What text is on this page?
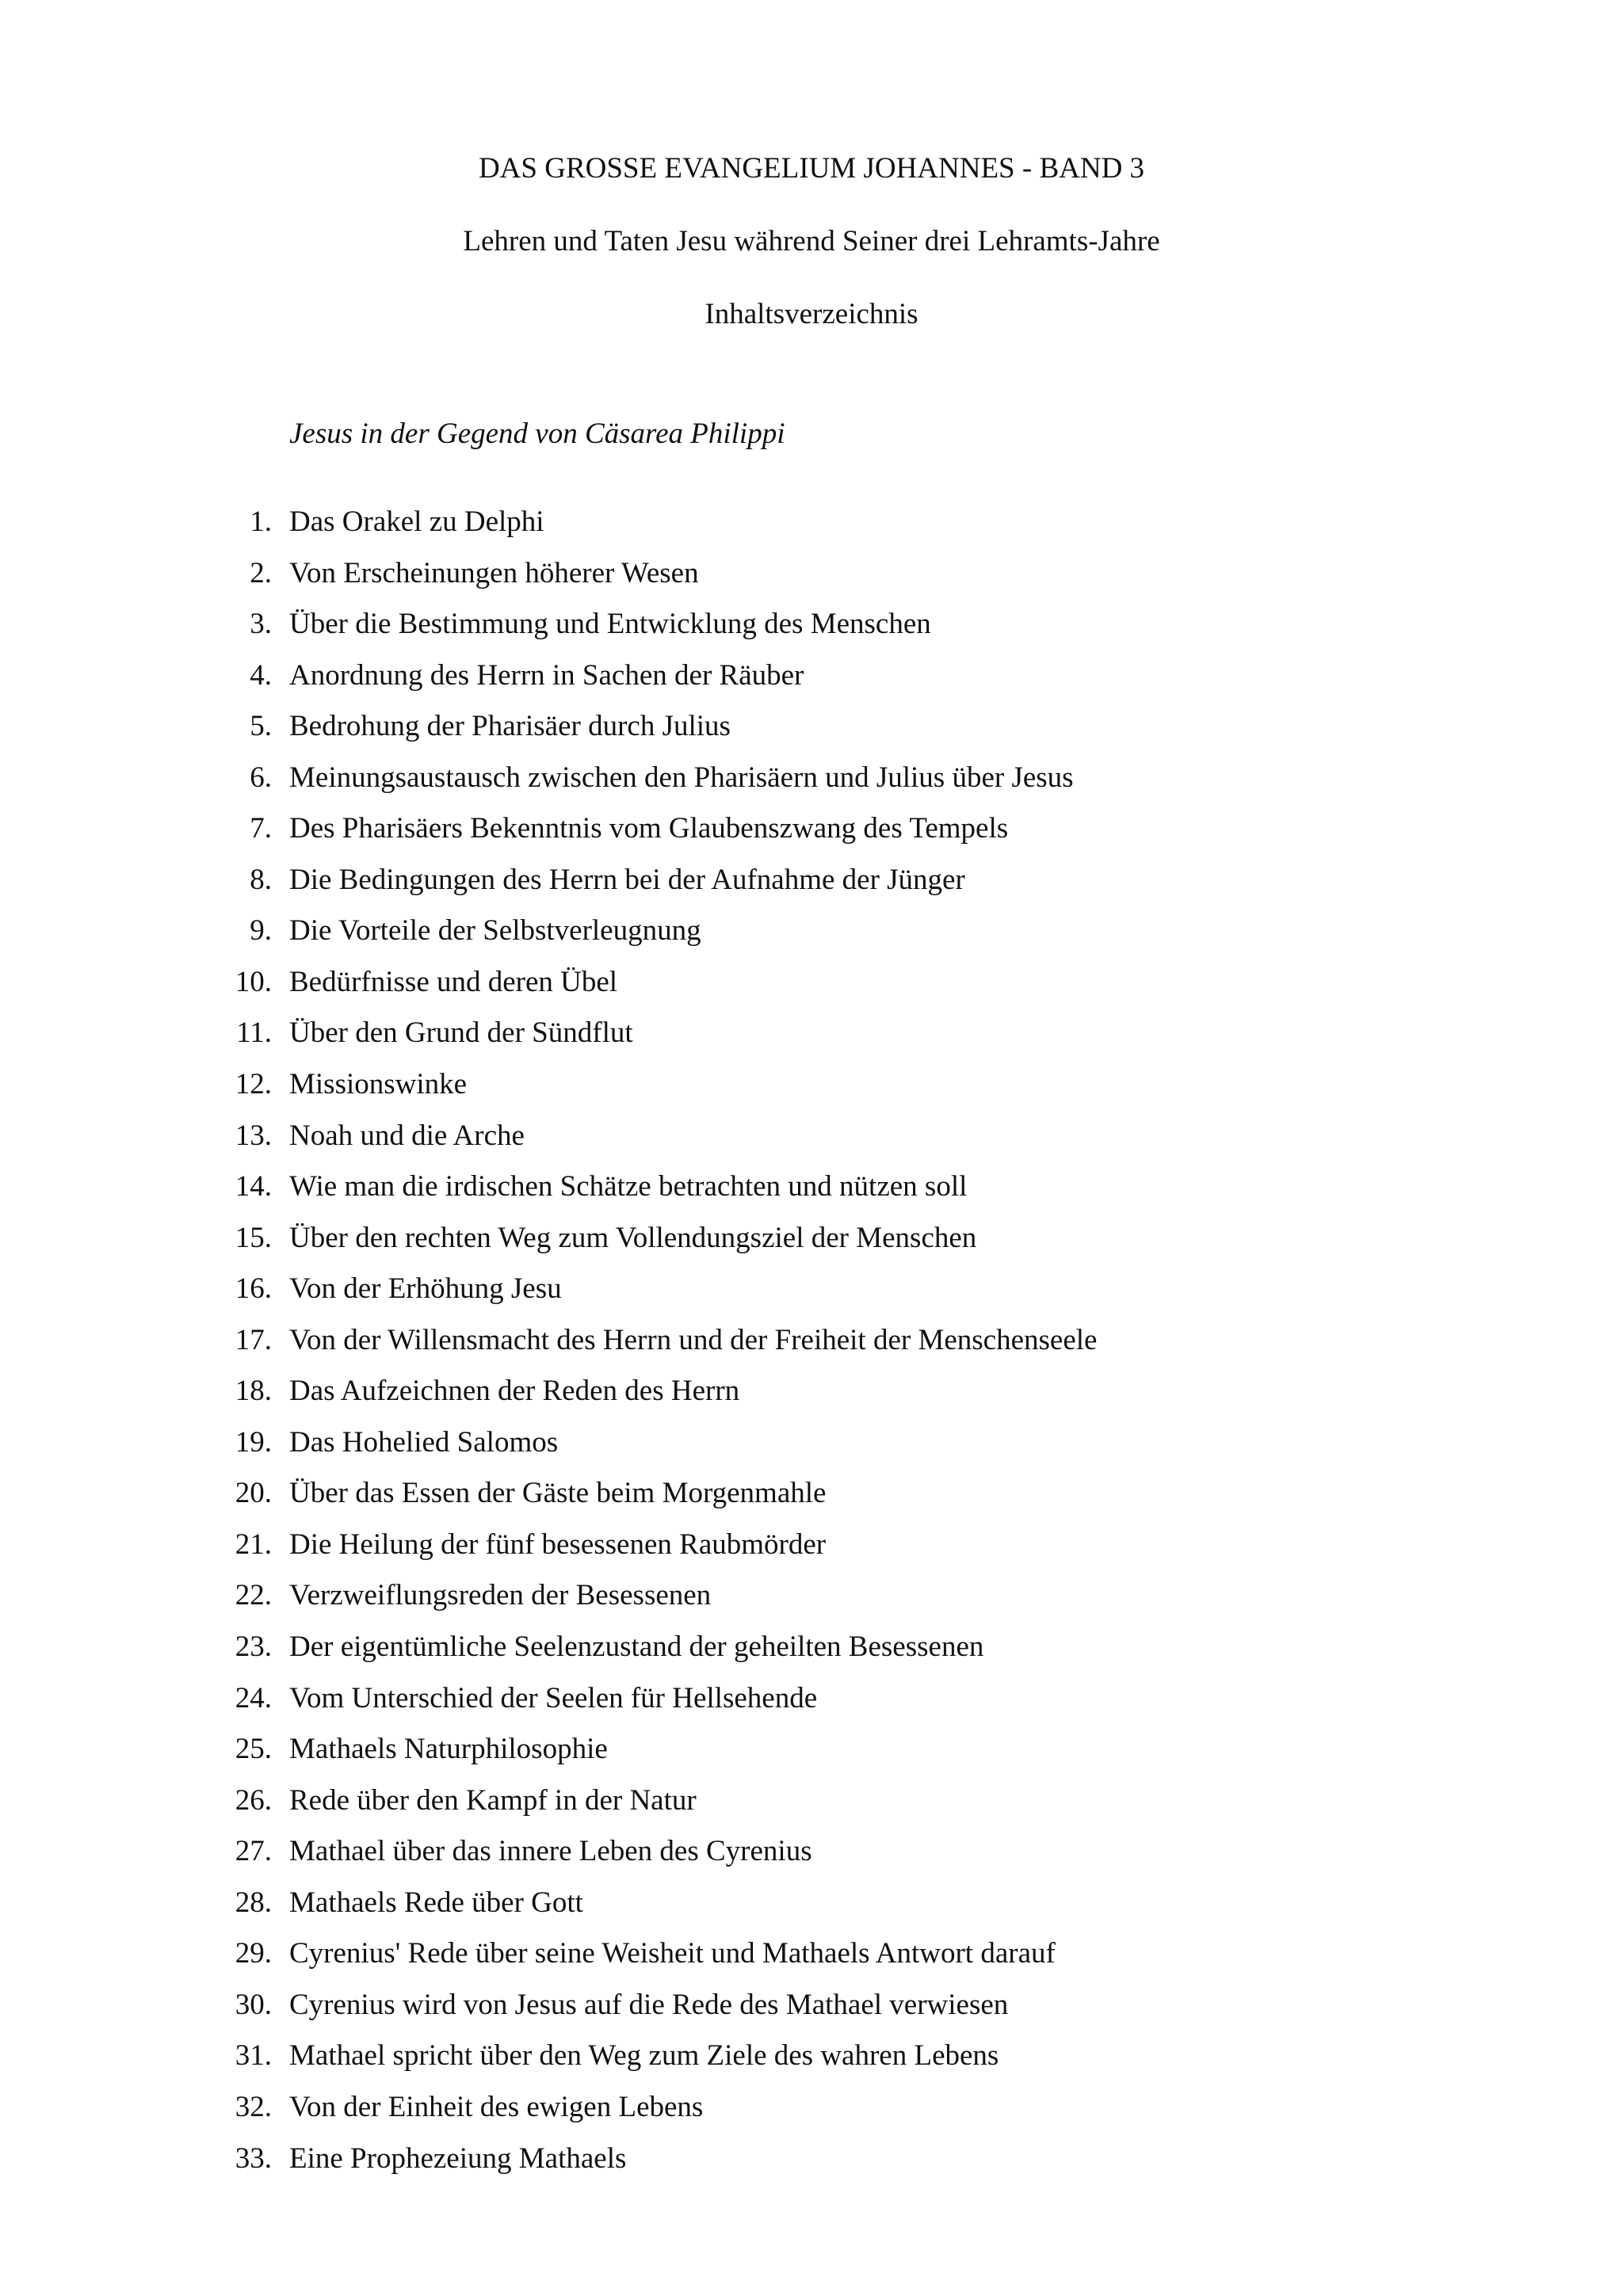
DAS GROSSE EVANGELIUM JOHANNES - BAND 3
Lehren und Taten Jesu während Seiner drei Lehramts-Jahre
Inhaltsverzeichnis
Jesus in der Gegend von Cäsarea Philippi
1. Das Orakel zu Delphi
2. Von Erscheinungen höherer Wesen
3. Über die Bestimmung und Entwicklung des Menschen
4. Anordnung des Herrn in Sachen der Räuber
5. Bedrohung der Pharisäer durch Julius
6. Meinungsaustausch zwischen den Pharisäern und Julius über Jesus
7. Des Pharisäers Bekenntnis vom Glaubenszwang des Tempels
8. Die Bedingungen des Herrn bei der Aufnahme der Jünger
9. Die Vorteile der Selbstverleugnung
10. Bedürfnisse und deren Übel
11. Über den Grund der Sündflut
12. Missionswinke
13. Noah und die Arche
14. Wie man die irdischen Schätze betrachten und nützen soll
15. Über den rechten Weg zum Vollendungsziel der Menschen
16. Von der Erhöhung Jesu
17. Von der Willensmacht des Herrn und der Freiheit der Menschenseele
18. Das Aufzeichnen der Reden des Herrn
19. Das Hohelied Salomos
20. Über das Essen der Gäste beim Morgenmahle
21. Die Heilung der fünf besessenen Raubmörder
22. Verzweiflungsreden der Besessenen
23. Der eigentümliche Seelenzustand der geheilten Besessenen
24. Vom Unterschied der Seelen für Hellsehende
25. Mathaels Naturphilosophie
26. Rede über den Kampf in der Natur
27. Mathael über das innere Leben des Cyrenius
28. Mathaels Rede über Gott
29. Cyrenius' Rede über seine Weisheit und Mathaels Antwort darauf
30. Cyrenius wird von Jesus auf die Rede des Mathael verwiesen
31. Mathael spricht über den Weg zum Ziele des wahren Lebens
32. Von der Einheit des ewigen Lebens
33. Eine Prophezeiung Mathaels
